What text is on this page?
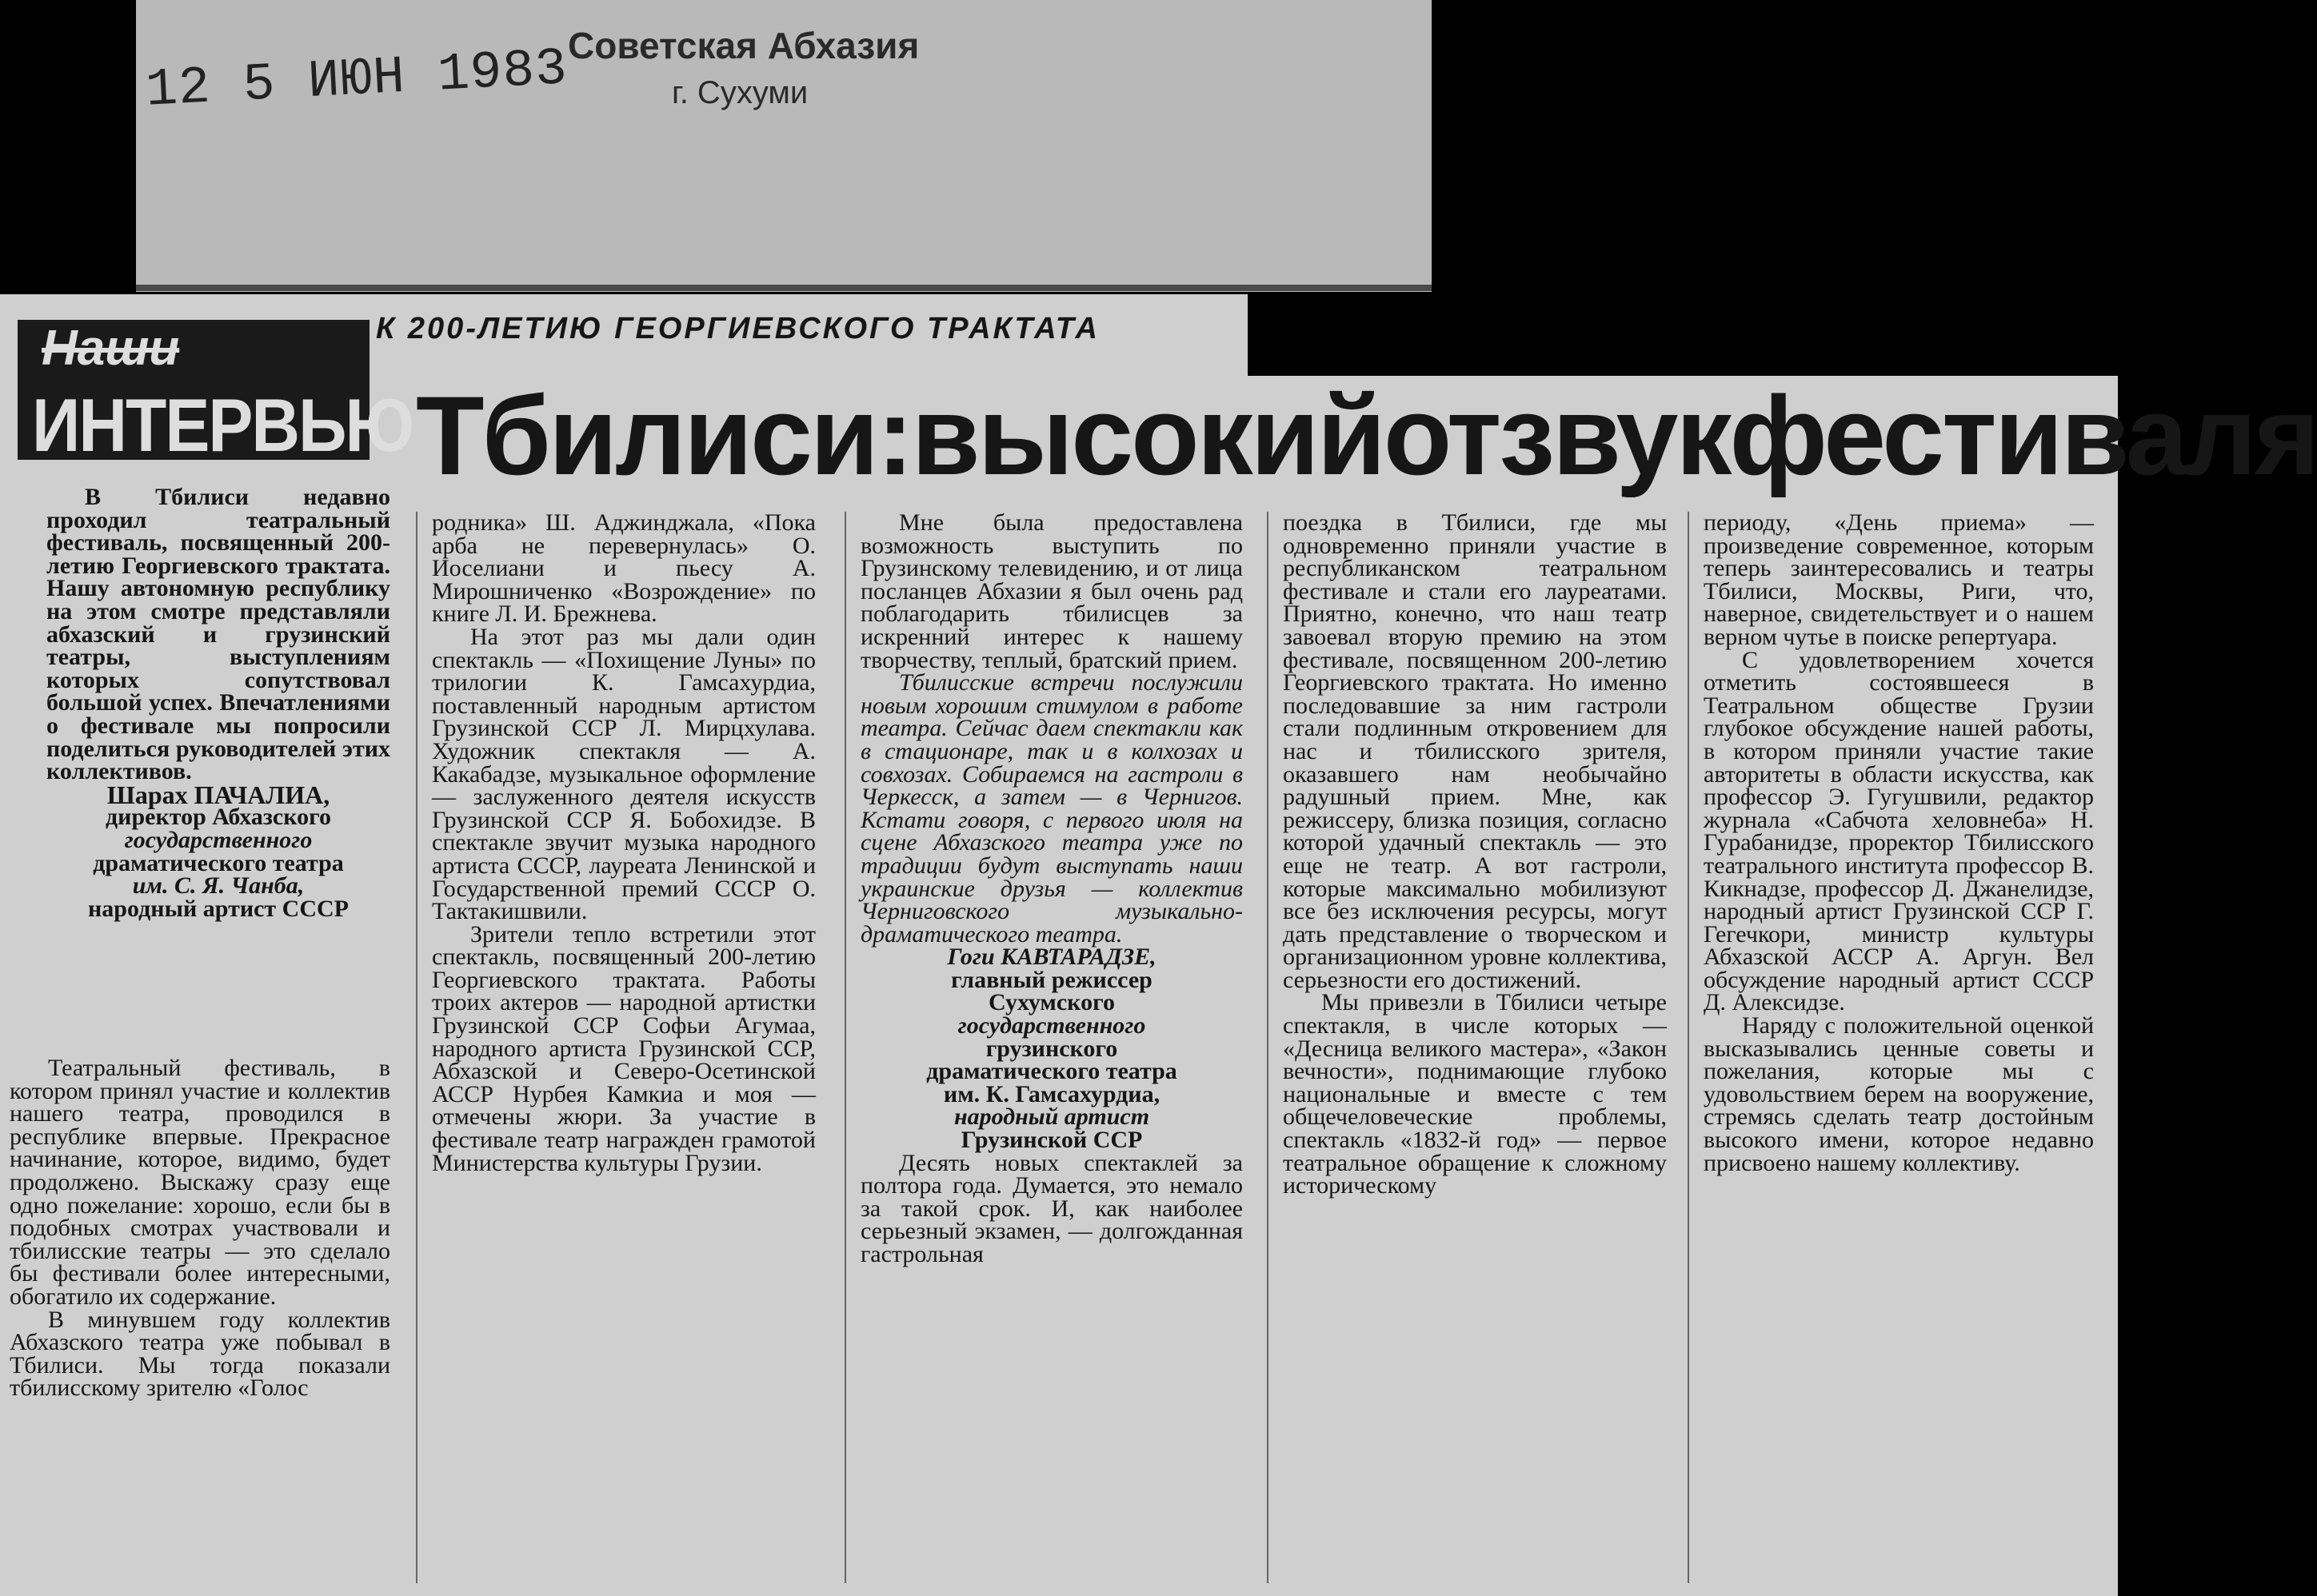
12 5 ИЮН 1983
Советская Абхазия
г. Сухуми
Наши
ИНТЕРВЬЮ
К 200-ЛЕТИЮ ГЕОРГИЕВСКОГО ТРАКТАТА
Тбилиси: высокий отзвук фестиваля

В Тбилиси недавно проходил театральный фестиваль, посвященный 200-летию Георгиевского трактата. Нашу автономную республику на этом смотре представляли абхазский и грузинский театры, выступлениям которых сопутствовал большой успех. Впечатлениями о фестивале мы попросили поделиться руководителей этих коллективов.

Шарах ПАЧАЛИА,
директор Абхазского
государственного
драматического театра
им. С. Я. Чанба,
народный артист СССР

Театральный фестиваль, в котором принял участие и коллектив нашего театра, проводился в республике впервые. Прекрасное начинание, которое, видимо, будет продолжено. Выскажу сразу еще одно пожелание: хорошо, если бы в подобных смотрах участвовали и тбилисские театры — это сделало бы фестивали более интересными, обогатило их содержание.

В минувшем году коллектив Абхазского театра уже побывал в Тбилиси. Мы тогда показали тбилисскому зрителю «Голос

родника» Ш. Аджинджала, «Пока арба не перевернулась» О. Иоселиани и пьесу А. Мирошниченко «Возрождение» по книге Л. И. Брежнева.

На этот раз мы дали один спектакль — «Похищение Луны» по трилогии К. Гамсахурдиа, поставленный народным артистом Грузинской ССР Л. Мирцхулава. Художник спектакля — А. Какабадзе, музыкальное оформление — заслуженного деятеля искусств Грузинской ССР Я. Бобохидзе. В спектакле звучит музыка народного артиста СССР, лауреата Ленинской и Государственной премий СССР О. Тактакишвили.

Зрители тепло встретили этот спектакль, посвященный 200-летию Георгиевского трактата. Работы троих актеров — народной артистки Грузинской ССР Софьи Агумаа, народного артиста Грузинской ССР, Абхазской и Северо-Осетинской АССР Нурбея Камкиа и моя — отмечены жюри. За участие в фестивале театр награжден грамотой Министерства культуры Грузии.

Мне была предоставлена возможность выступить по Грузинскому телевидению, и от лица посланцев Абхазии я был очень рад поблагодарить тбилисцев за искренний интерес к нашему творчеству, теплый, братский прием.

Тбилисские встречи послужили новым хорошим стимулом в работе театра. Сейчас даем спектакли как в стационаре, так и в колхозах и совхозах. Собираемся на гастроли в Черкесск, а затем — в Чернигов. Кстати говоря, с первого июля на сцене Абхазского театра уже по традиции будут выступать наши украинские друзья — коллектив Черниговского музыкально-драматического театра.

Гоги КАВТАРАДЗЕ,
главный режиссер
Сухумского
государственного
грузинского
драматического театра
им. К. Гамсахурдиа,
народный артист
Грузинской ССР

Десять новых спектаклей за полтора года. Думается, это немало за такой срок. И, как наиболее серьезный экзамен, — долгожданная гастрольная

поездка в Тбилиси, где мы одновременно приняли участие в республиканском театральном фестивале и стали его лауреатами. Приятно, конечно, что наш театр завоевал вторую премию на этом фестивале, посвященном 200-летию Георгиевского трактата. Но именно последовавшие за ним гастроли стали подлинным откровением для нас и тбилисского зрителя, оказавшего нам необычайно радушный прием. Мне, как режиссеру, близка позиция, согласно которой удачный спектакль — это еще не театр. А вот гастроли, которые максимально мобилизуют все без исключения ресурсы, могут дать представление о творческом и организационном уровне коллектива, серьезности его достижений.

Мы привезли в Тбилиси четыре спектакля, в числе которых — «Десница великого мастера», «Закон вечности», поднимающие глубоко национальные и вместе с тем общечеловеческие проблемы, спектакль «1832-й год» — первое театральное обращение к сложному историческому

периоду, «День приема» — произведение современное, которым теперь заинтересовались и театры Тбилиси, Москвы, Риги, что, наверное, свидетельствует и о нашем верном чутье в поиске репертуара.

С удовлетворением хочется отметить состоявшееся в Театральном обществе Грузии глубокое обсуждение нашей работы, в котором приняли участие такие авторитеты в области искусства, как профессор Э. Гугушвили, редактор журнала «Сабчота хеловнеба» Н. Гурабанидзе, проректор Тбилисского театрального института профессор В. Кикнадзе, профессор Д. Джанелидзе, народный артист Грузинской ССР Г. Гегечкори, министр культуры Абхазской АССР А. Аргун. Вел обсуждение народный артист СССР Д. Алексидзе.

Наряду с положительной оценкой высказывались ценные советы и пожелания, которые мы с удовольствием берем на вооружение, стремясь сделать театр достойным высокого имени, которое недавно присвоено нашему коллективу.
